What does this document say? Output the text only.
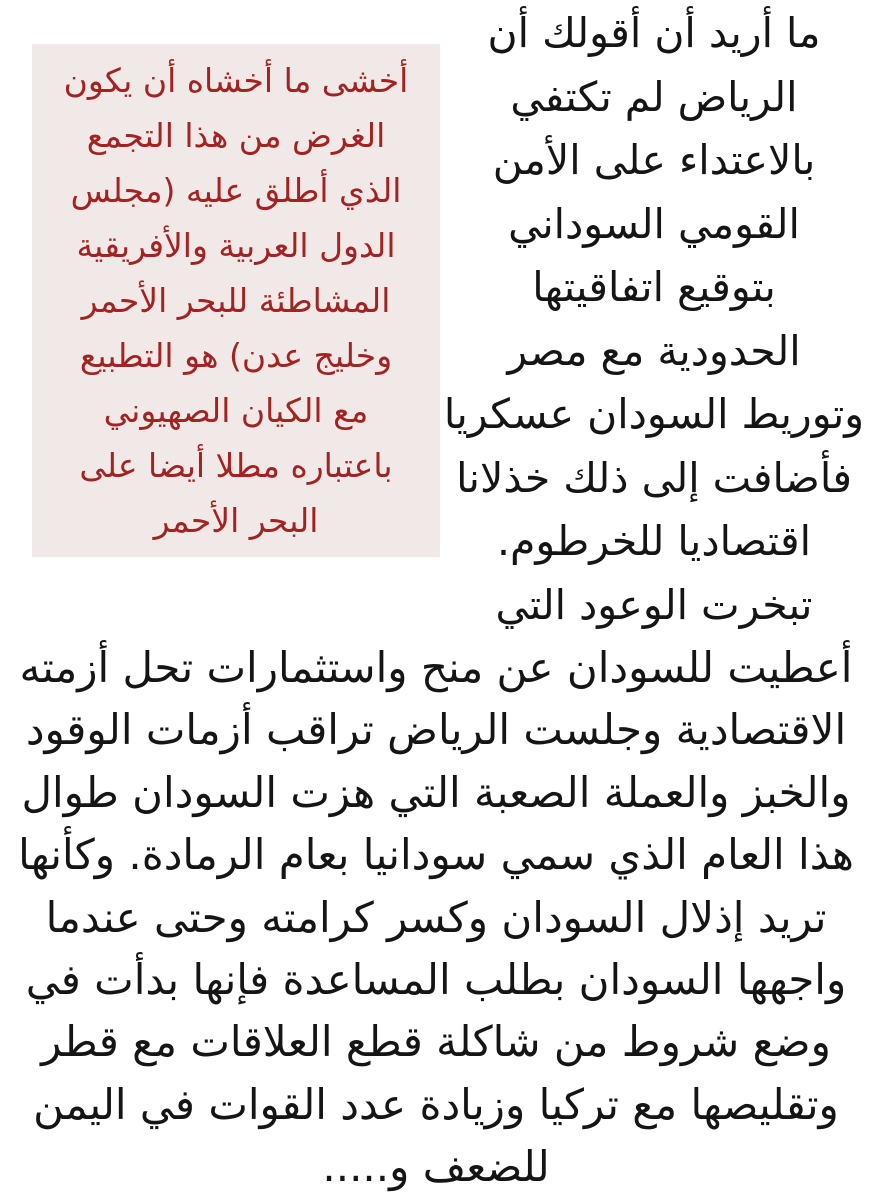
أخشى ما أخشاه أن يكون
الغرض من هذا التجمع
الذي أطلق عليه (مجلس
الدول العربية والأفريقية
المشاطئة للبحر الأحمر
وخليج عدن) هو التطبيع
مع الكيان الصهيوني
باعتباره مطلا أيضا على
البحر الأحمر
ما أريد أن أقولك أن
الرياض لم تكتفي
بالاعتداء على الأمن
القومي السوداني
بتوقيع اتفاقيتها
الحدودية مع مصر
وتوريط السودان عسكريا
فأضافت إلى ذلك خذلانا
اقتصاديا للخرطوم.
تبخرت الوعود التي
أعطيت للسودان عن منح واستثمارات تحل أزمته
الاقتصادية وجلست الرياض تراقب أزمات الوقود
والخبز والعملة الصعبة التي هزت السودان طوال
هذا العام الذي سمي سودانيا بعام الرمادة. وكأنها
تريد إذلال السودان وكسر كرامته وحتى عندما
واجهها السودان بطلب المساعدة فإنها بدأت في
وضع شروط من شاكلة قطع العلاقات مع قطر
وتقليصها مع تركيا وزيادة عدد القوات في اليمن
للضعف و.....
